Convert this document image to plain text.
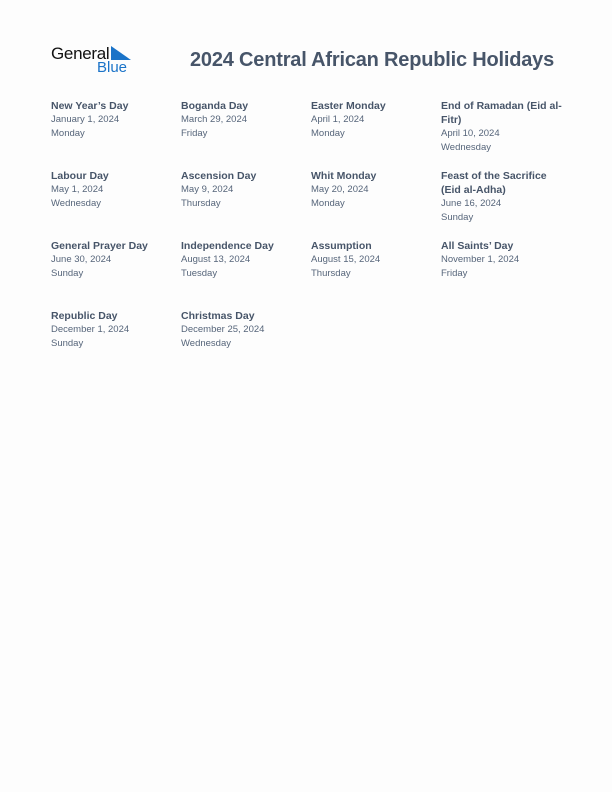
General
Blue	2024 Central African Republic Holidays
New Year’s Day
January 1, 2024
Monday
Boganda Day
March 29, 2024
Friday
Easter Monday
April 1, 2024
Monday
End of Ramadan (Eid al-Fitr)
April 10, 2024
Wednesday
Labour Day
May 1, 2024
Wednesday
Ascension Day
May 9, 2024
Thursday
Whit Monday
May 20, 2024
Monday
Feast of the Sacrifice (Eid al-Adha)
June 16, 2024
Sunday
General Prayer Day
June 30, 2024
Sunday
Independence Day
August 13, 2024
Tuesday
Assumption
August 15, 2024
Thursday
All Saints’ Day
November 1, 2024
Friday
Republic Day
December 1, 2024
Sunday
Christmas Day
December 25, 2024
Wednesday
